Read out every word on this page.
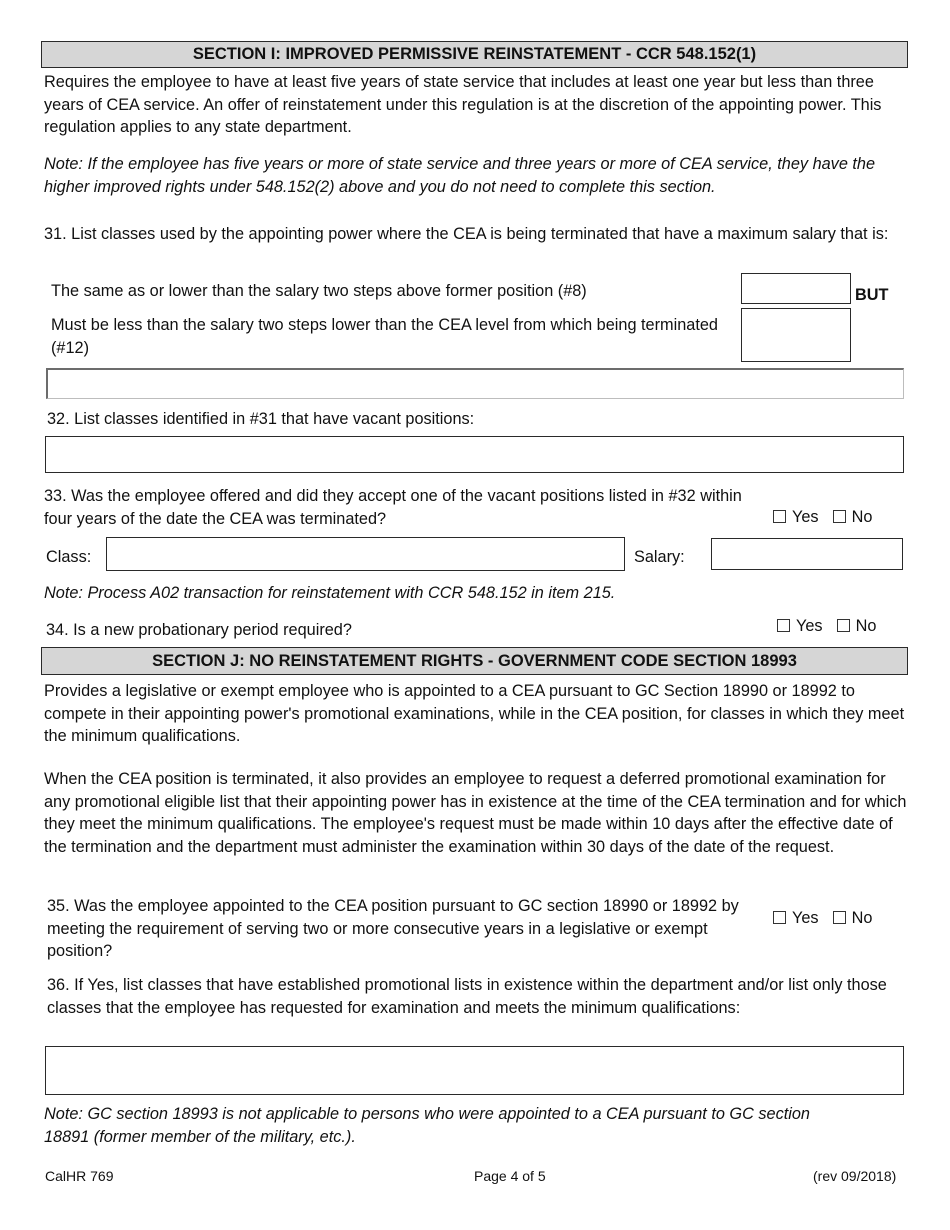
SECTION I: IMPROVED PERMISSIVE REINSTATEMENT - CCR 548.152(1)
Requires the employee to have at least five years of state service that includes at least one year but less than three years of CEA service. An offer of reinstatement under this regulation is at the discretion of the appointing power. This regulation applies to any state department.
Note: If the employee has five years or more of state service and three years or more of CEA service, they have the higher improved rights under 548.152(2) above and you do not need to complete this section.
31. List classes used by the appointing power where the CEA is being terminated that have a maximum salary that is:
The same as or lower than the salary two steps above former position (#8)	BUT
Must be less than the salary two steps lower than the CEA level from which being terminated (#12)
32. List classes identified in #31 that have vacant positions:
33. Was the employee offered and did they accept one of the vacant positions listed in #32 within four years of the date the CEA was terminated?	Yes No
Class:	Salary:
Note: Process A02 transaction for reinstatement with CCR 548.152 in item 215.
34. Is a new probationary period required?	Yes No
SECTION J: NO REINSTATEMENT RIGHTS - GOVERNMENT CODE SECTION 18993
Provides a legislative or exempt employee who is appointed to a CEA pursuant to GC Section 18990 or 18992 to compete in their appointing power's promotional examinations, while in the CEA position, for classes in which they meet the minimum qualifications.
When the CEA position is terminated, it also provides an employee to request a deferred promotional examination for any promotional eligible list that their appointing power has in existence at the time of the CEA termination and for which they meet the minimum qualifications. The employee's request must be made within 10 days after the effective date of the termination and the department must administer the examination within 30 days of the date of the request.
35. Was the employee appointed to the CEA position pursuant to GC section 18990 or 18992 by meeting the requirement of serving two or more consecutive years in a legislative or exempt position?
Yes No
36. If Yes, list classes that have established promotional lists in existence within the department and/or list only those classes that the employee has requested for examination and meets the minimum qualifications:
Note: GC section 18993 is not applicable to persons who were appointed to a CEA pursuant to GC section 18891 (former member of the military, etc.).
CalHR 769	Page 4 of 5	(rev 09/2018)
